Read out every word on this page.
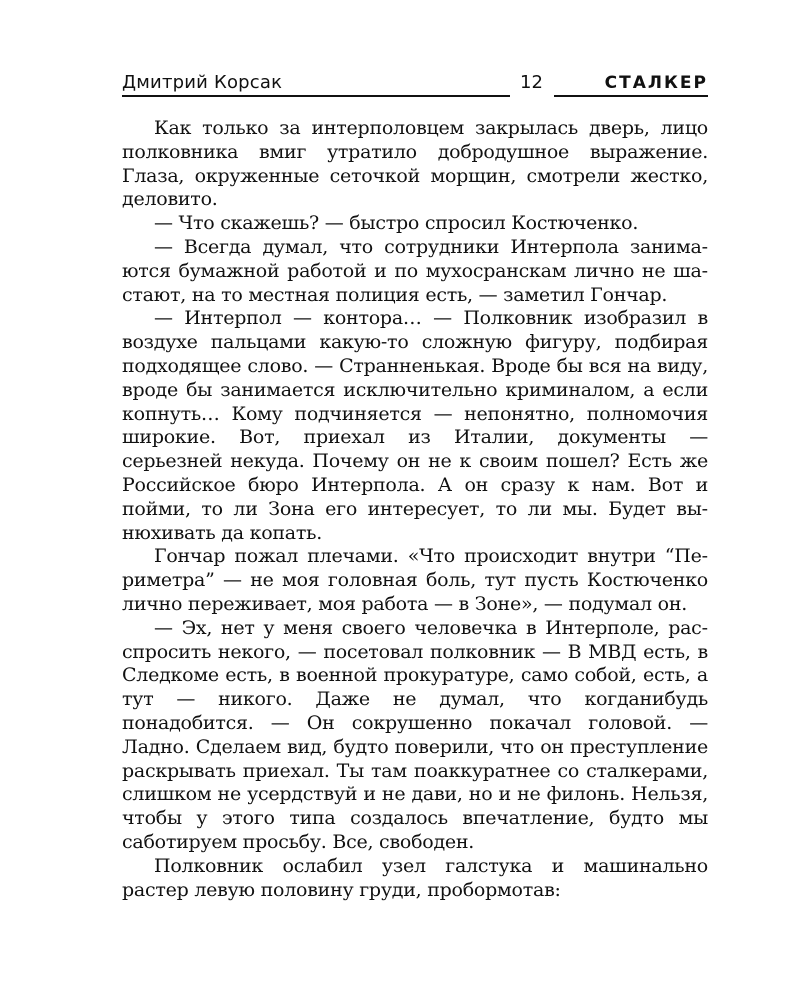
Дмитрий Корсак	12	СТАЛКЕР

Как только за интерполовцем закрылась дверь, лицо полковника вмиг утратило добродушное выражение. Глаза, окруженные сеточкой морщин, смотрели жестко, деловито.

— Что скажешь? — быстро спросил Костюченко.

— Всегда думал, что сотрудники Интерпола занимаются бумажной работой и по мухосранскам лично не шастают, на то местная полиция есть, — заметил Гончар.

— Интерпол — контора… — Полковник изобразил в воздухе пальцами какую-то сложную фигуру, подбирая подходящее слово. — Странненькая. Вроде бы вся на виду, вроде бы занимается исключительно криминалом, а если копнуть… Кому подчиняется — непонятно, полномочия широкие. Вот, приехал из Италии, документы — серьезней некуда. Почему он не к своим пошел? Есть же Российское бюро Интерпола. А он сразу к нам. Вот и пойми, то ли Зона его интересует, то ли мы. Будет вынюхивать да копать.

Гончар пожал плечами. «Что происходит внутри “Периметра” — не моя головная боль, тут пусть Костюченко лично переживает, моя работа — в Зоне», — подумал он.

— Эх, нет у меня своего человечка в Интерполе, расспросить некого, — посетовал полковник — В МВД есть, в Следкоме есть, в военной прокуратуре, само собой, есть, а тут — никого. Даже не думал, что когданибудь понадобится. — Он сокрушенно покачал головой. — Ладно. Сделаем вид, будто поверили, что он преступление раскрывать приехал. Ты там поаккуратнее со сталкерами, слишком не усердствуй и не дави, но и не филонь. Нельзя, чтобы у этого типа создалось впечатление, будто мы саботируем просьбу. Все, свободен.

Полковник ослабил узел галстука и машинально растер левую половину груди, пробормотав:
